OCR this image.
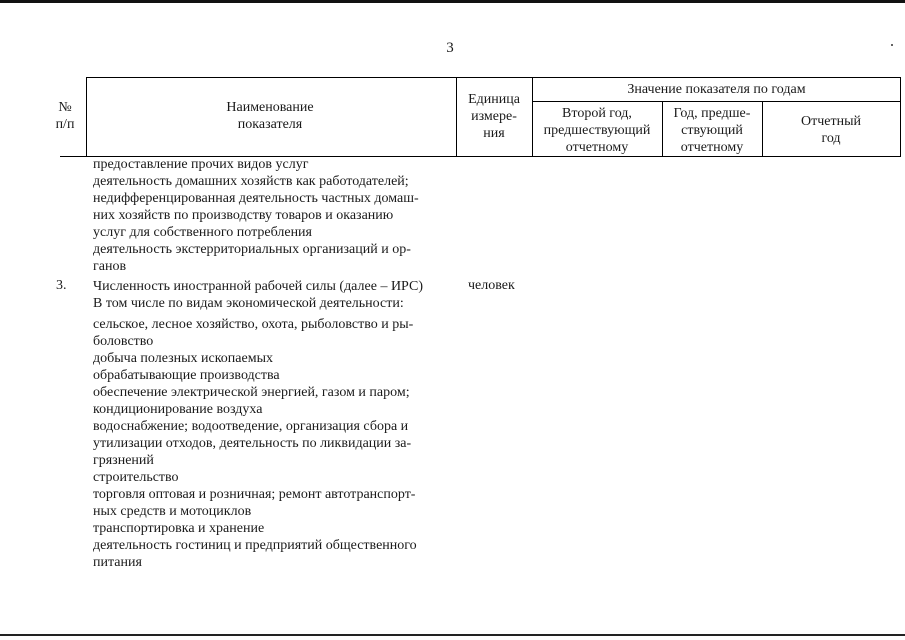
3
№
п/п
Наименование
показателя
Единица
измере-
ния
Значение показателя по годам
Второй год,
предшествующий
отчетному
Год, предше-
ствующий
отчетному
Отчетный
год
предоставление прочих видов услуг
деятельность домашних хозяйств как работодателей;
недифференцированная деятельность частных домаш-
них хозяйств по производству товаров и оказанию
услуг для собственного потребления
деятельность экстерриториальных организаций и ор-
ганов
3.	человек
Численность иностранной рабочей силы (далее – ИРС)
В том числе по видам экономической деятельности:
сельское, лесное хозяйство, охота, рыболовство и ры-
боловство
добыча полезных ископаемых
обрабатывающие производства
обеспечение электрической энергией, газом и паром;
кондиционирование воздуха
водоснабжение; водоотведение, организация сбора и
утилизации отходов, деятельность по ликвидации за-
грязнений
строительство
торговля оптовая и розничная; ремонт автотранспорт-
ных средств и мотоциклов
транспортировка и хранение
деятельность гостиниц и предприятий общественного
питания
